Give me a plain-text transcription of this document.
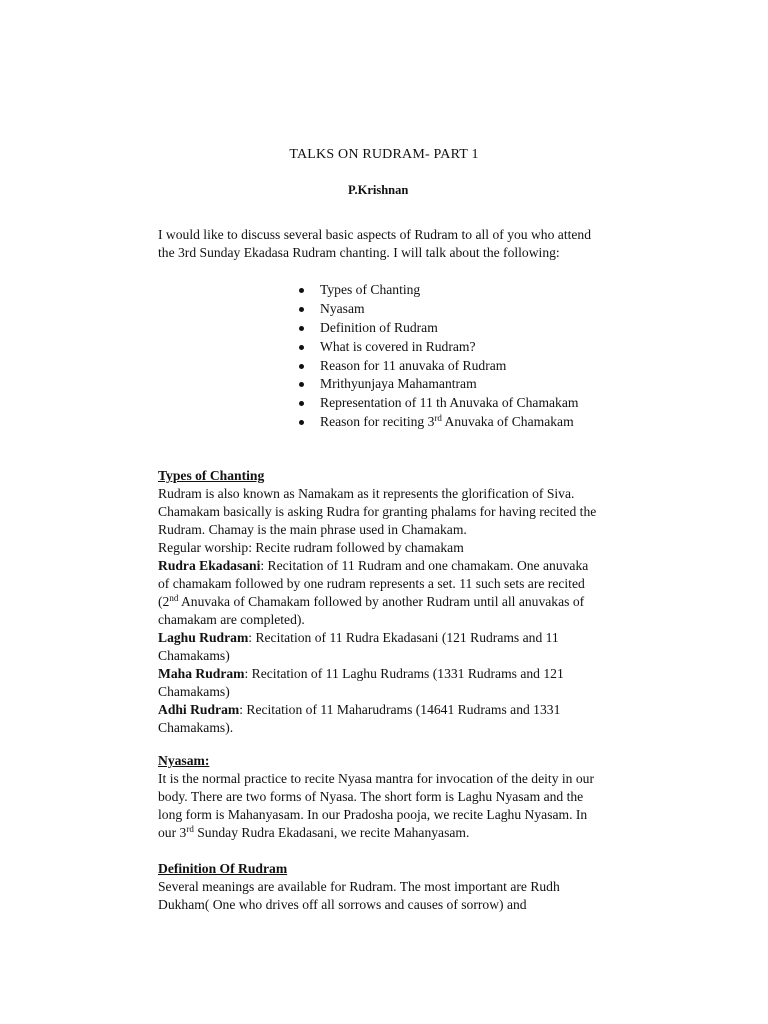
TALKS ON RUDRAM- PART 1
P.Krishnan

I would like to discuss several basic aspects of Rudram to all of you who attend

the 3rd Sunday Ekadasa Rudram chanting. I will talk about the following:

Types of Chanting
Nyasam
Definition of Rudram
What is covered in Rudram?
Reason for 11 anuvaka of Rudram
Mrithyunjaya Mahamantram
Representation of 11 th Anuvaka of Chamakam
Reason for reciting 3rd Anuvaka of Chamakam

Types of Chanting

Rudram is also known as Namakam as it represents the glorification of Siva.

Chamakam basically is asking Rudra for granting phalams for having recited the

Rudram. Chamay is the main phrase used in Chamakam.

Regular worship: Recite rudram followed by chamakam

Rudra Ekadasani: Recitation of 11 Rudram and one chamakam. One anuvaka

of chamakam followed by one rudram represents a set. 11 such sets are recited

(2nd Anuvaka of Chamakam followed by another Rudram until all anuvakas of

chamakam are completed).

Laghu Rudram: Recitation of 11 Rudra Ekadasani (121 Rudrams and 11

Chamakams)

Maha Rudram: Recitation of 11 Laghu Rudrams (1331 Rudrams and 121

Chamakams)

Adhi Rudram: Recitation of 11 Maharudrams (14641 Rudrams and 1331

Chamakams).

Nyasam:

It is the normal practice to recite Nyasa mantra for invocation of the deity in our

body. There are two forms of Nyasa. The short form is Laghu Nyasam and the

long form is Mahanyasam. In our Pradosha pooja, we recite Laghu Nyasam. In

our 3rd Sunday Rudra Ekadasani, we recite Mahanyasam.

Definition Of Rudram

Several meanings are available for Rudram. The most important are Rudh

Dukham( One who drives off all sorrows and causes of sorrow) and
